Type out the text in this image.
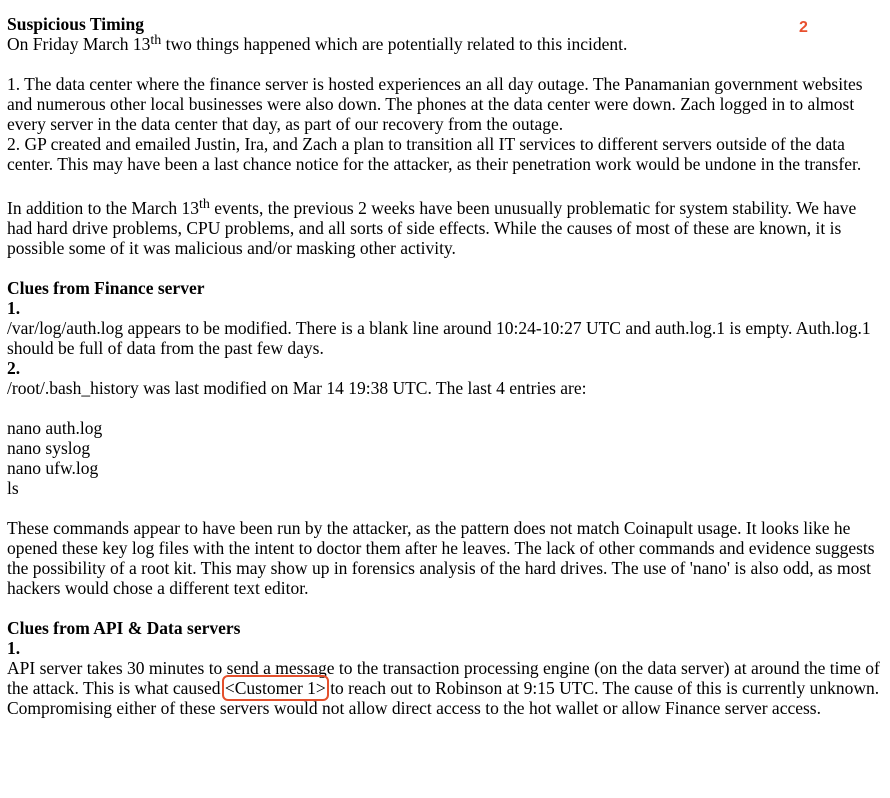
2

Suspicious Timing

On Friday March 13th two things happened which are potentially related to this incident.

1. The data center where the finance server is hosted experiences an all day outage. The Panamanian government websites and numerous other local businesses were also down. The phones at the data center were down. Zach logged in to almost every server in the data center that day, as part of our recovery from the outage.

2. GP created and emailed Justin, Ira, and Zach a plan to transition all IT services to different servers outside of the data center. This may have been a last chance notice for the attacker, as their penetration work would be undone in the transfer.

In addition to the March 13th events, the previous 2 weeks have been unusually problematic for system stability. We have had hard drive problems, CPU problems, and all sorts of side effects. While the causes of most of these are known, it is possible some of it was malicious and/or masking other activity.

Clues from Finance server

1.

/var/log/auth.log appears to be modified. There is a blank line around 10:24-10:27 UTC and auth.log.1 is empty. Auth.log.1 should be full of data from the past few days.

2.

/root/.bash_history was last modified on Mar 14 19:38 UTC. The last 4 entries are:

nano auth.log

nano syslog

nano ufw.log

ls

These commands appear to have been run by the attacker, as the pattern does not match Coinapult usage. It looks like he opened these key log files with the intent to doctor them after he leaves. The lack of other commands and evidence suggests the possibility of a root kit. This may show up in forensics analysis of the hard drives. The use of 'nano' is also odd, as most hackers would chose a different text editor.

Clues from API & Data servers

1.

API server takes 30 minutes to send a message to the transaction processing engine (on the data server) at around the time of the attack. This is what caused <Customer 1> to reach out to Robinson at 9:15 UTC. The cause of this is currently unknown. Compromising either of these servers would not allow direct access to the hot wallet or allow Finance server access.
